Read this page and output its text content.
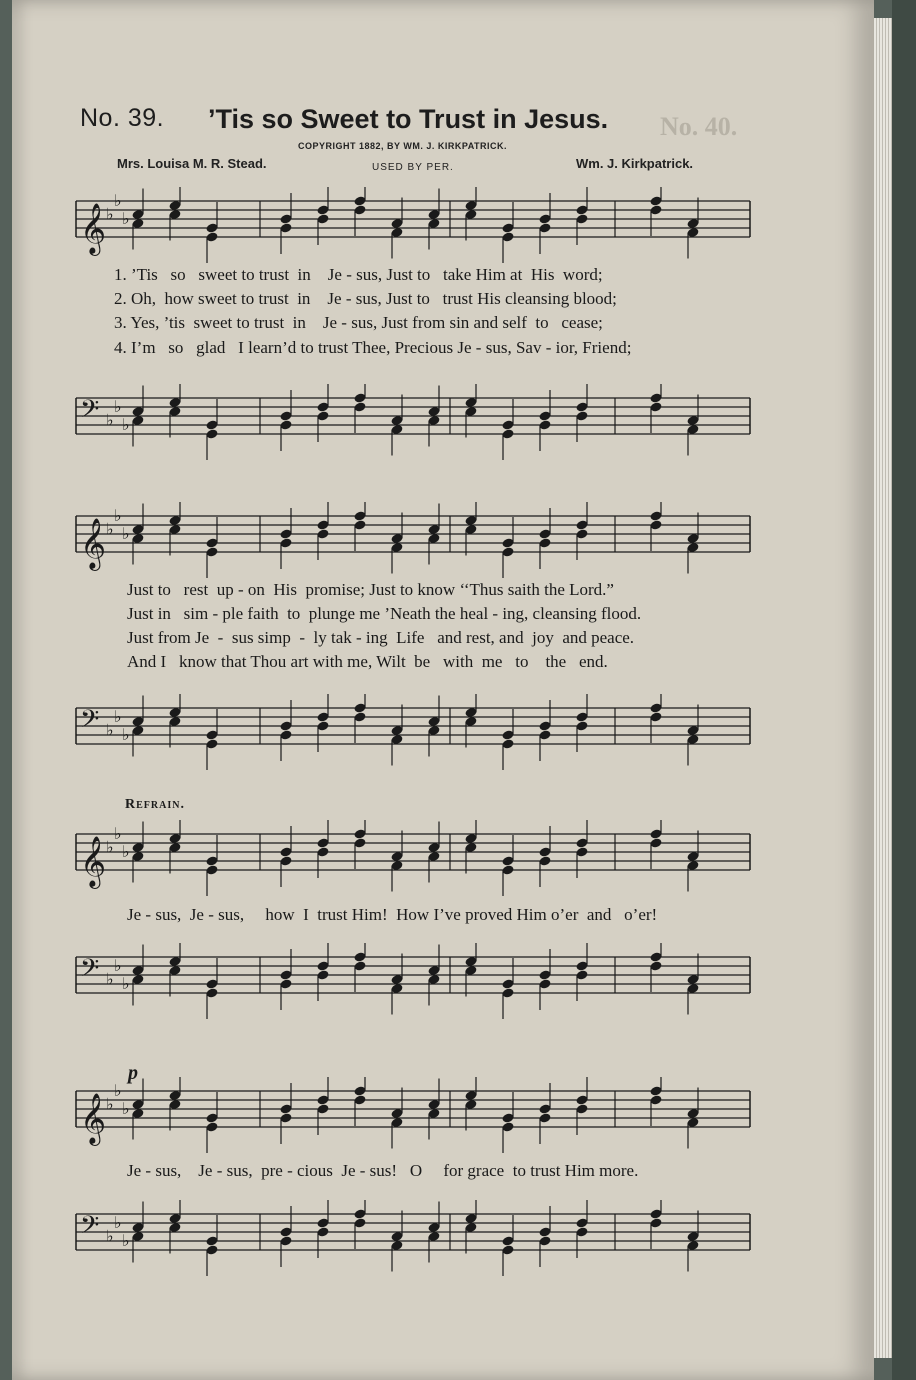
No. 40.
No. 39. ’Tis so Sweet to Trust in Jesus.
COPYRIGHT 1882, BY WM. J. KIRKPATRICK.
Mrs. Louisa M. R. Stead.	USED BY PER.	Wm. J. Kirkpatrick.
𝄞 ♭
♭
♭
1. ’Tis   so   sweet to trust  in    Je - sus, Just to   take Him at  His  word;
2. Oh,  how sweet to trust  in    Je - sus, Just to   trust His cleansing blood;
3. Yes, ’tis  sweet to trust  in    Je - sus, Just from sin and self  to   cease;
4. I’m   so   glad   I learn’d to trust Thee, Precious Je - sus, Sav - ior, Friend;
𝄢 ♭
♭
♭
𝄞 ♭
♭
♭
Just to   rest  up - on  His  promise; Just to know ‘‘Thus saith the Lord.”
Just in   sim - ple faith  to  plunge me ’Neath the heal - ing, cleansing flood.
Just from Je  -  sus simp  -  ly tak - ing  Life   and rest, and  joy  and peace.
And I   know that Thou art with me, Wilt  be   with  me   to    the   end.
𝄢 ♭
♭
♭
Refrain.
𝄞 ♭
♭
♭
Je - sus,  Je - sus,     how  I  trust Him!  How I’ve proved Him o’er  and   o’er!
𝄢 ♭
♭
♭
p
𝄞 ♭
♭
♭
Je - sus,    Je - sus,  pre - cious  Je - sus!   O     for grace  to trust Him more.
𝄢 ♭
♭
♭
